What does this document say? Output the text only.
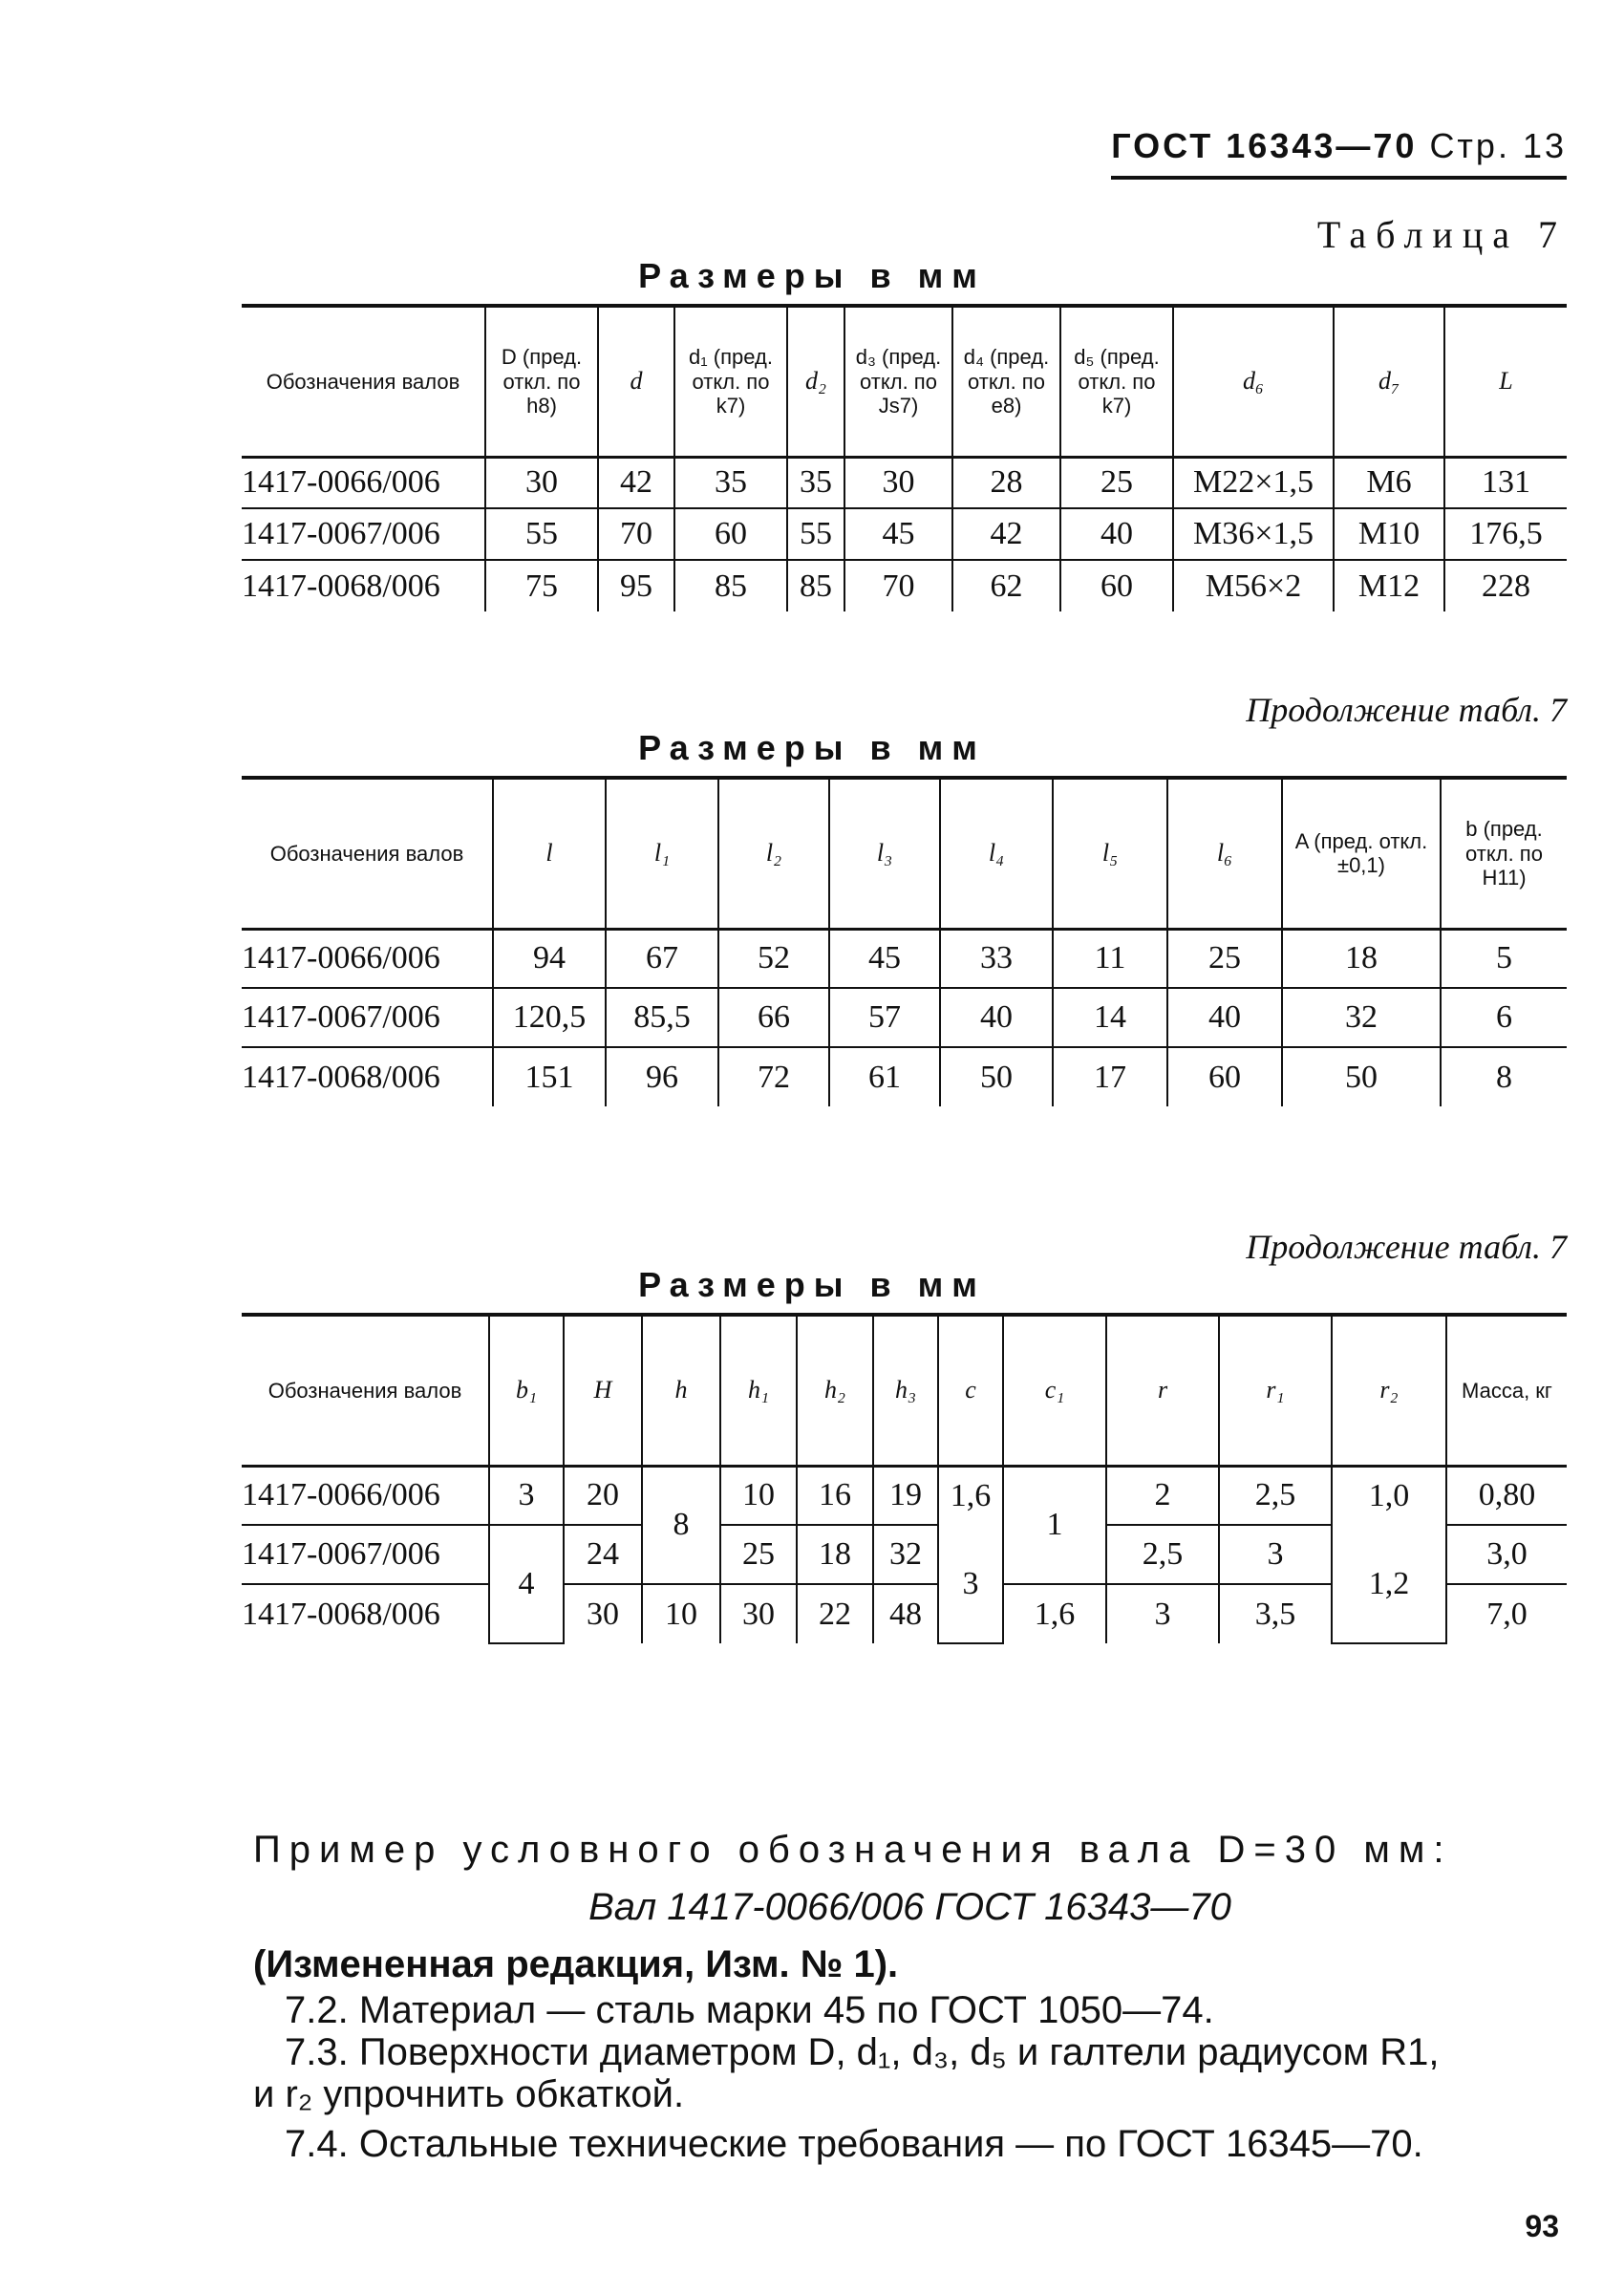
ГОСТ 16343—70 Стр. 13
Таблица 7
Размеры в мм
Обозначения валов	D (пред. откл. по h8)	d	d₁ (пред. откл. по k7)	d₂	d₃ (пред. откл. по Js7)	d₄ (пред. откл. по e8)	d₅ (пред. откл. по k7)	d₆	d₇	L
1417-0066/006	30	42	35	35	30	28	25	M22×1,5	M6	131
1417-0067/006	55	70	60	55	45	42	40	M36×1,5	M10	176,5
1417-0068/006	75	95	85	85	70	62	60	M56×2	M12	228
Продолжение табл. 7
Размеры в мм
Обозначения валов	l	l₁	l₂	l₃	l₄	l₅	l₆	A (пред. откл. ±0,1)	b (пред. откл. по H11)
1417-0066/006	94	67	52	45	33	11	25	18	5
1417-0067/006	120,5	85,5	66	57	40	14	40	32	6
1417-0068/006	151	96	72	61	50	17	60	50	8
Продолжение табл. 7
Размеры в мм
Обозначения валов	b₁	H	h	h₁	h₂	h₃	c	c₁	r	r₁	r₂	Масса, кг
1417-0066/006	3	20	8	10	16	19	1,6	1	2	2,5	1,0	0,80
1417-0067/006	4	24		25	18	32	3		2,5	3	1,2	3,0
1417-0068/006		30	10	30	22	48		1,6	3	3,5		7,0
Пример условного обозначения вала D=30 мм:
Вал 1417-0066/006 ГОСТ 16343—70
(Измененная редакция, Изм. № 1).
7.2. Материал — сталь марки 45 по ГОСТ 1050—74.
7.3. Поверхности диаметром D, d₁, d₃, d₅ и галтели радиусом R1,
и r₂ упрочнить обкаткой.
7.4. Остальные технические требования — по ГОСТ 16345—70.
93
